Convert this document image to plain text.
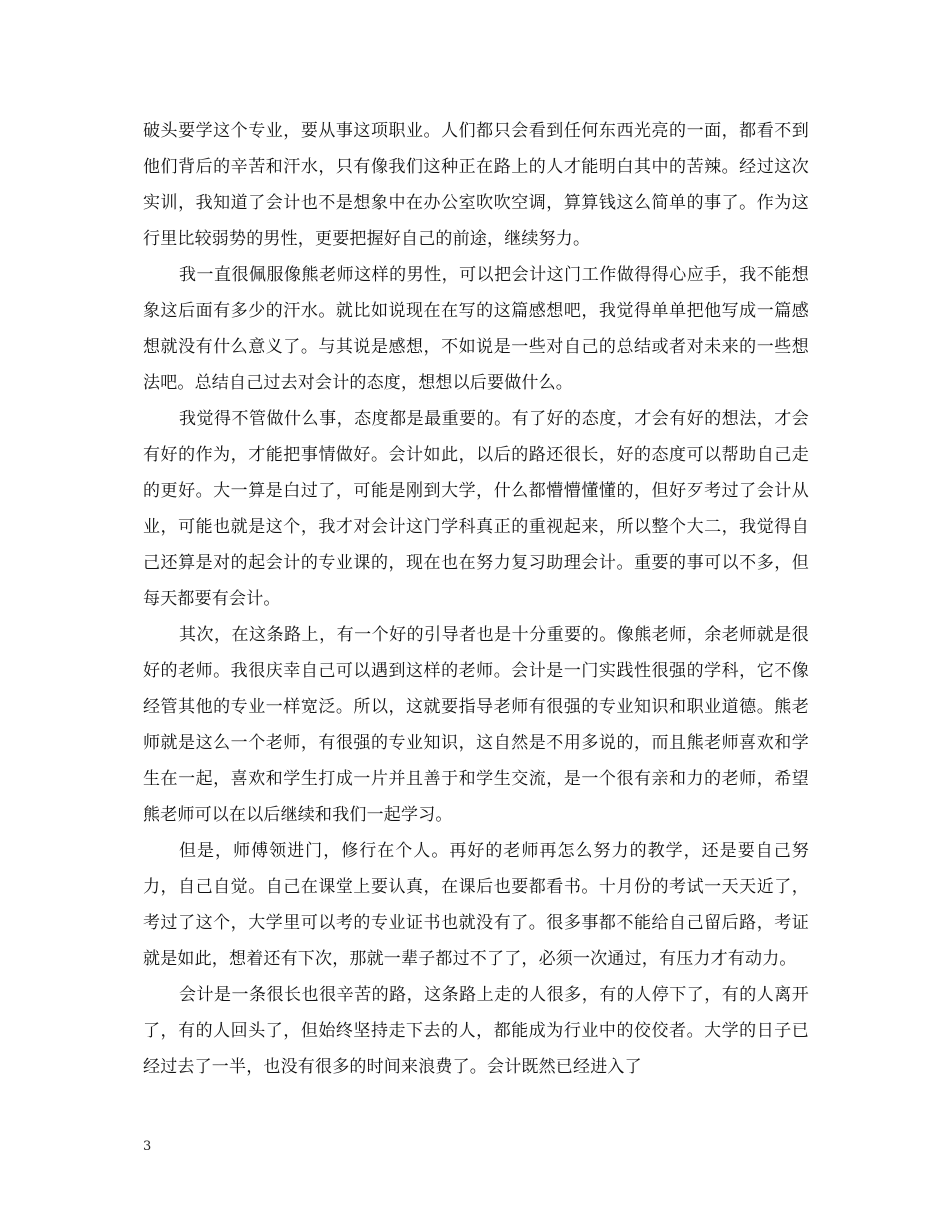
破头要学这个专业，要从事这项职业。人们都只会看到任何东西光亮的一面，都看不到他们背后的辛苦和汗水，只有像我们这种正在路上的人才能明白其中的苦辣。经过这次实训，我知道了会计也不是想象中在办公室吹吹空调，算算钱这么简单的事了。作为这行里比较弱势的男性，更要把握好自己的前途，继续努力。

我一直很佩服像熊老师这样的男性，可以把会计这门工作做得得心应手，我不能想象这后面有多少的汗水。就比如说现在在写的这篇感想吧，我觉得单单把他写成一篇感想就没有什么意义了。与其说是感想，不如说是一些对自己的总结或者对未来的一些想法吧。总结自己过去对会计的态度，想想以后要做什么。

我觉得不管做什么事，态度都是最重要的。有了好的态度，才会有好的想法，才会有好的作为，才能把事情做好。会计如此，以后的路还很长，好的态度可以帮助自己走的更好。大一算是白过了，可能是刚到大学，什么都懵懵懂懂的，但好歹考过了会计从业，可能也就是这个，我才对会计这门学科真正的重视起来，所以整个大二，我觉得自己还算是对的起会计的专业课的，现在也在努力复习助理会计。重要的事可以不多，但每天都要有会计。

其次，在这条路上，有一个好的引导者也是十分重要的。像熊老师，余老师就是很好的老师。我很庆幸自己可以遇到这样的老师。会计是一门实践性很强的学科，它不像经管其他的专业一样宽泛。所以，这就要指导老师有很强的专业知识和职业道德。熊老师就是这么一个老师，有很强的专业知识，这自然是不用多说的，而且熊老师喜欢和学生在一起，喜欢和学生打成一片并且善于和学生交流，是一个很有亲和力的老师，希望熊老师可以在以后继续和我们一起学习。

但是，师傅领进门，修行在个人。再好的老师再怎么努力的教学，还是要自己努力，自己自觉。自己在课堂上要认真，在课后也要都看书。十月份的考试一天天近了，考过了这个，大学里可以考的专业证书也就没有了。很多事都不能给自己留后路，考证就是如此，想着还有下次，那就一辈子都过不了了，必须一次通过，有压力才有动力。

会计是一条很长也很辛苦的路，这条路上走的人很多，有的人停下了，有的人离开了，有的人回头了，但始终坚持走下去的人，都能成为行业中的佼佼者。大学的日子已经过去了一半，也没有很多的时间来浪费了。会计既然已经进入了

3
